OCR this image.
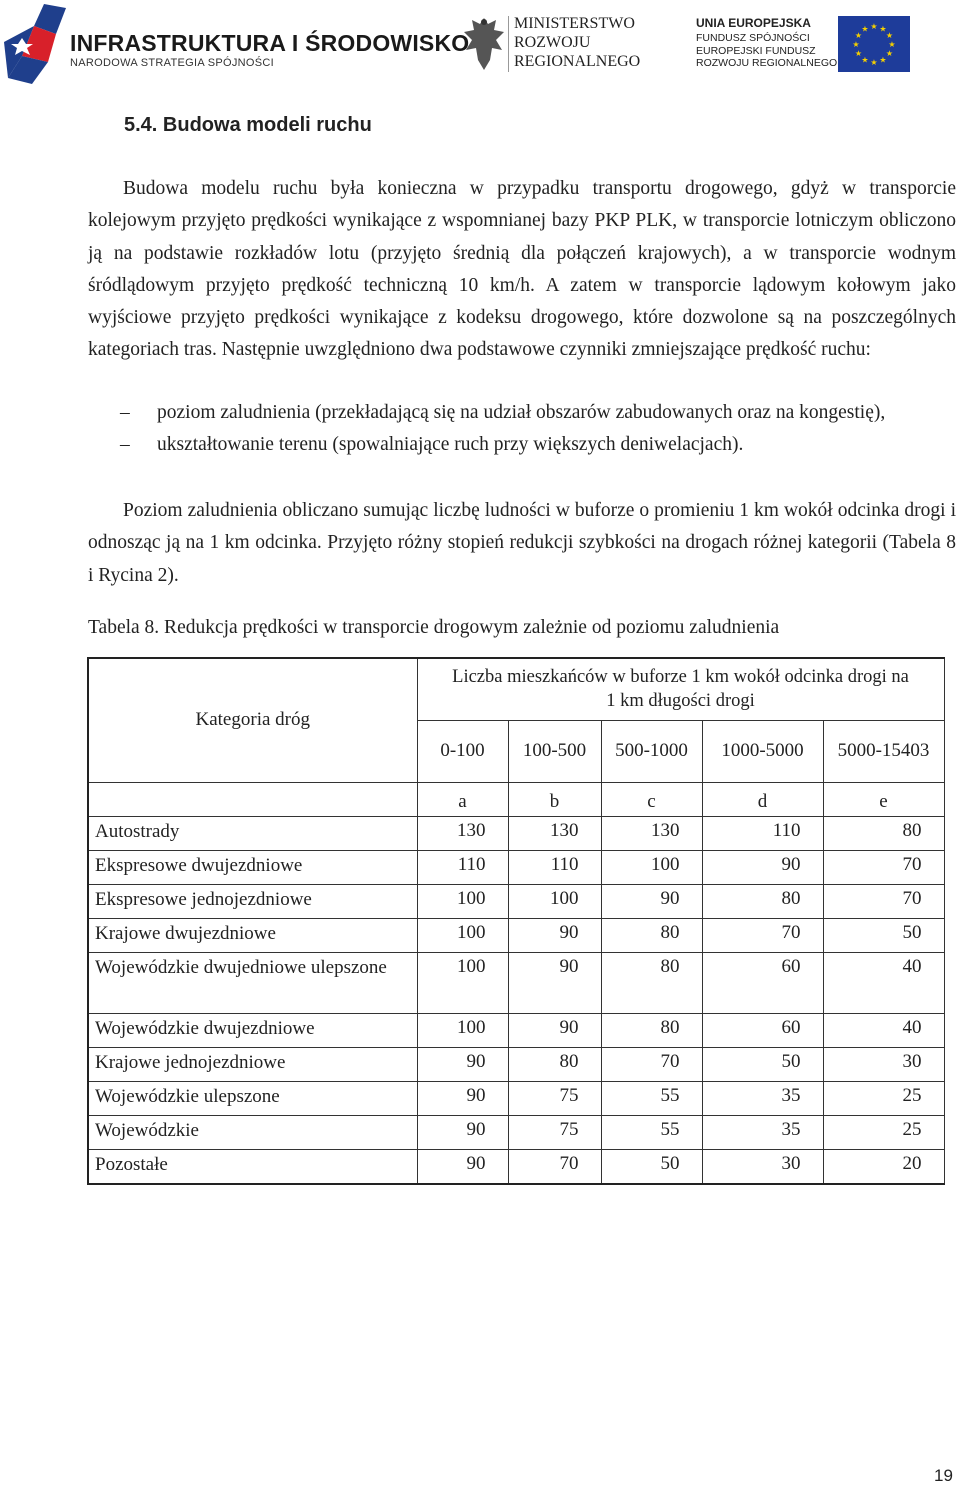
INFRASTRUKTURA I ŚRODOWISKO
NARODOWA STRATEGIA SPÓJNOŚCI
MINISTERSTWO
ROZWOJU
REGIONALNEGO
UNIA EUROPEJSKA
FUNDUSZ SPÓJNOŚCI
EUROPEJSKI FUNDUSZ
ROZWOJU REGIONALNEGO
★ ★
★
★
★
★
★
★
★
★
★
★
5.4. Budowa modeli ruchu
Budowa modelu ruchu była konieczna w przypadku transportu drogowego, gdyż w transporcie kolejowym przyjęto prędkości wynikające z wspomnianej bazy PKP PLK, w transporcie lotniczym obliczono ją na podstawie rozkładów lotu (przyjęto średnią dla połączeń krajowych), a w transporcie wodnym śródlądowym przyjęto prędkość techniczną 10 km/h. A zatem w transporcie lądowym kołowym jako wyjściowe przyjęto prędkości wynikające z kodeksu drogowego, które dozwolone są na poszczególnych kategoriach tras. Następnie uwzględniono dwa podstawowe czynniki zmniejszające prędkość ruchu:
– poziom zaludnienia (przekładającą się na udział obszarów zabudowanych oraz na kongestię),
– ukształtowanie terenu (spowalniające ruch przy większych deniwelacjach).
Poziom zaludnienia obliczano sumując liczbę ludności w buforze o promieniu 1 km wokół odcinka drogi i odnosząc ją na 1 km odcinka. Przyjęto różny stopień redukcji szybkości na drogach różnej kategorii (Tabela 8 i Rycina 2).
Tabela 8. Redukcja prędkości w transporcie drogowym zależnie od poziomu zaludnienia
Kategoria dróg	Liczba mieszkańców w buforze 1 km wokół odcinka drogi na 1 km długości drogi				
	0-100	100-500	500-1000	1000-5000	5000-15403
	a	b	c	d	e
Autostrady	130	130	130	110	80
Ekspresowe dwujezdniowe	110	110	100	90	70
Ekspresowe jednojezdniowe	100	100	90	80	70
Krajowe dwujezdniowe	100	90	80	70	50
Wojewódzkie dwujedniowe ulepszone	100	90	80	60	40
Wojewódzkie dwujezdniowe	100	90	80	60	40
Krajowe jednojezdniowe	90	80	70	50	30
Wojewódzkie ulepszone	90	75	55	35	25
Wojewódzkie	90	75	55	35	25
Pozostałe	90	70	50	30	20
19
